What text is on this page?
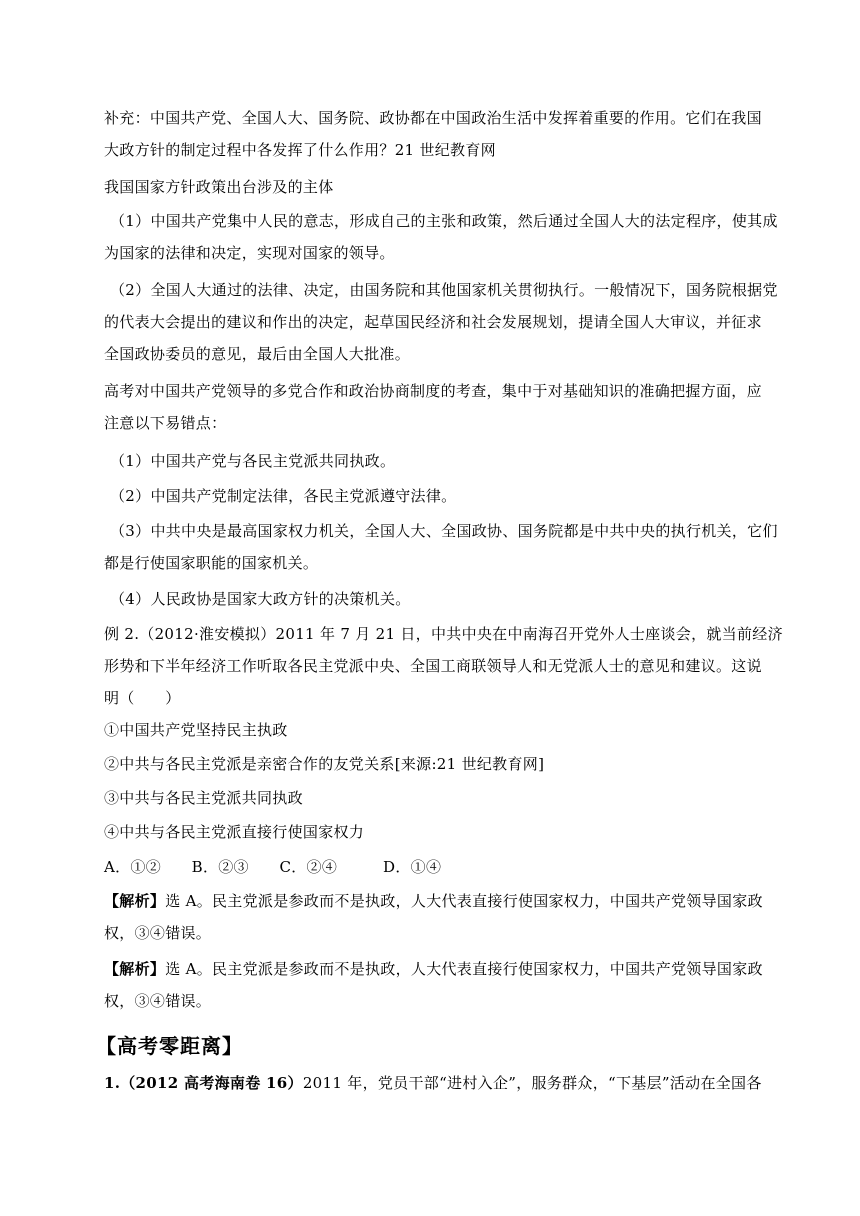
补充：中国共产党、全国人大、国务院、政协都在中国政治生活中发挥着重要的作用。它们在我国
大政方针的制定过程中各发挥了什么作用？21 世纪教育网
我国国家方针政策出台涉及的主体
（1）中国共产党集中人民的意志，形成自己的主张和政策，然后通过全国人大的法定程序，使其成
为国家的法律和决定，实现对国家的领导。
（2）全国人大通过的法律、决定，由国务院和其他国家机关贯彻执行。一般情况下，国务院根据党
的代表大会提出的建议和作出的决定，起草国民经济和社会发展规划，提请全国人大审议，并征求
全国政协委员的意见，最后由全国人大批准。
高考对中国共产党领导的多党合作和政治协商制度的考查，集中于对基础知识的准确把握方面，应
注意以下易错点：
（1）中国共产党与各民主党派共同执政。
（2）中国共产党制定法律，各民主党派遵守法律。
（3）中共中央是最高国家权力机关，全国人大、全国政协、国务院都是中共中央的执行机关，它们
都是行使国家职能的国家机关。
（4）人民政协是国家大政方针的决策机关。
例 2.（2012·淮安模拟）2011 年 7 月 21 日，中共中央在中南海召开党外人士座谈会，就当前经济
形势和下半年经济工作听取各民主党派中央、全国工商联领导人和无党派人士的意见和建议。这说
明（　　）
①中国共产党坚持民主执政
②中共与各民主党派是亲密合作的友党关系[来源:21 世纪教育网]
③中共与各民主党派共同执政
④中共与各民主党派直接行使国家权力
A．①②　　B．②③　　C．②④　　　D．①④
【解析】选 A。民主党派是参政而不是执政，人大代表直接行使国家权力，中国共产党领导国家政
权，③④错误。
【解析】选 A。民主党派是参政而不是执政，人大代表直接行使国家权力，中国共产党领导国家政
权，③④错误。
【高考零距离】
1.（2012 高考海南卷 16）2011 年，党员干部“进村入企”，服务群众，“下基层”活动在全国各
